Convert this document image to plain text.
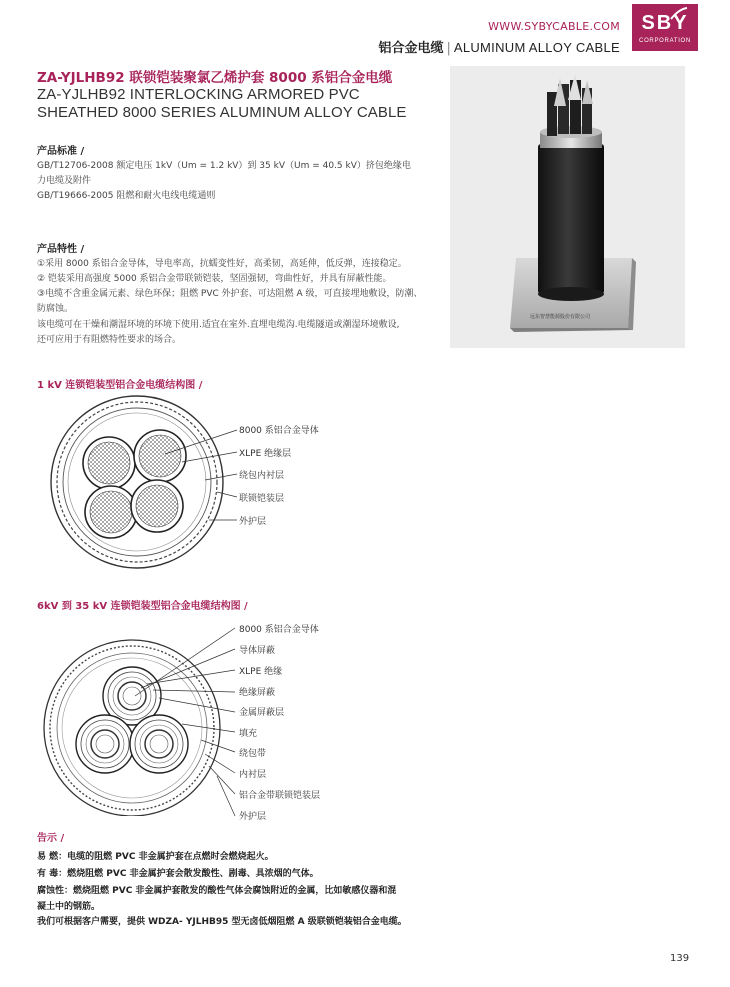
WWW.SYBYCABLE.COM
铝合金电缆 | ALUMINUM ALLOY CABLE
SBY
CORPORATION
ZA-YJLHB92 联锁铠装聚氯乙烯护套 8000 系铝合金电缆
ZA-YJLHB92 INTERLOCKING ARMORED PVC
SHEATHED 8000 SERIES ALUMINUM ALLOY CABLE
产品标准 /
GB/T12706-2008 额定电压 1kV（Um = 1.2 kV）到 35 kV（Um = 40.5 kV）挤包绝缘电
力电缆及附件
GB/T19666-2005 阻燃和耐火电线电缆通则
产品特性 /
①采用 8000 系铝合金导体，导电率高，抗蠕变性好，高柔韧，高延伸，低反弹，连接稳定。
② 铠装采用高强度 5000 系铝合金带联锁铠装，坚固强韧，弯曲性好，并具有屏蔽性能。
③电缆不含重金属元素、绿色环保；阻燃 PVC 外护套、可达阻燃 A 级，可直接埋地敷设，防潮、
防腐蚀。
该电缆可在干燥和潮湿环境的环境下使用.适宜在室外.直埋电缆沟.电缆隧道或潮湿环境敷设,
还可应用于有阻燃特性要求的场合。
远东智慧能源股份有限公司
1 kV 连锁铠装型铝合金电缆结构图 /
8000 系铝合金导体
XLPE 绝缘层
绕包内衬层
联锁铠装层
外护层
6kV 到 35 kV 连锁铠装型铝合金电缆结构图 /
8000 系铝合金导体
导体屏蔽
XLPE 绝缘
绝缘屏蔽
金属屏蔽层
填充
绕包带
内衬层
铝合金带联锁铠装层
外护层
告示 /
易 燃：电缆的阻燃 PVC 非金属护套在点燃时会燃烧起火。
有 毒：燃烧阻燃 PVC 非金属护套会散发酸性、剧毒、具浓烟的气体。
腐蚀性：燃烧阻燃 PVC 非金属护套散发的酸性气体会腐蚀附近的金属，比如敏感仪器和混
凝土中的钢筋。
我们可根据客户需要，提供 WDZA- YJLHB95 型无卤低烟阻燃 A 级联锁铠装铝合金电缆。
139
